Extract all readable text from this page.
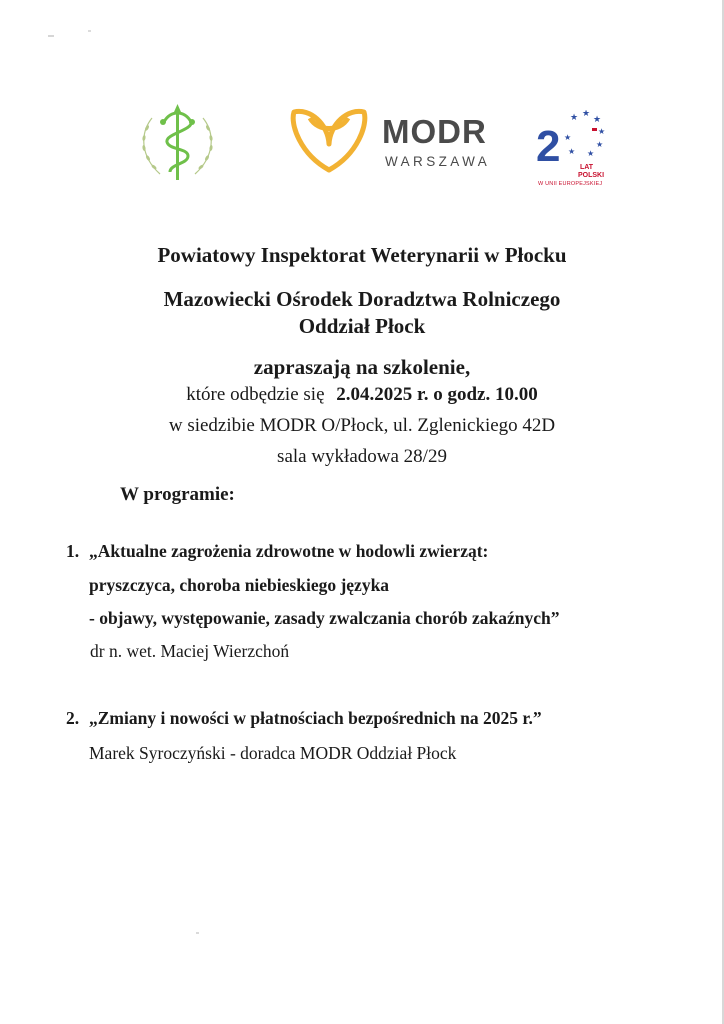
MODR
WARSZAWA 2
★ ★
★
★
★
★
★
★
LAT
POLSKI
W UNII EUROPEJSKIEJ
Powiatowy Inspektorat Weterynarii w Płocku
Mazowiecki Ośrodek Doradztwa Rolniczego
Oddział Płock
zapraszają na szkolenie,
które odbędzie się 2.04.2025 r. o godz. 10.00
w siedzibie MODR O/Płock, ul. Zglenickiego 42D
sala wykładowa 28/29
W programie:
1. „Aktualne zagrożenia zdrowotne w hodowli zwierząt:
pryszczyca, choroba niebieskiego języka
- objawy, występowanie, zasady zwalczania chorób zakaźnych”
dr n. wet. Maciej Wierzchoń
2. „Zmiany i nowości w płatnościach bezpośrednich na 2025 r.”
Marek Syroczyński - doradca MODR Oddział Płock
